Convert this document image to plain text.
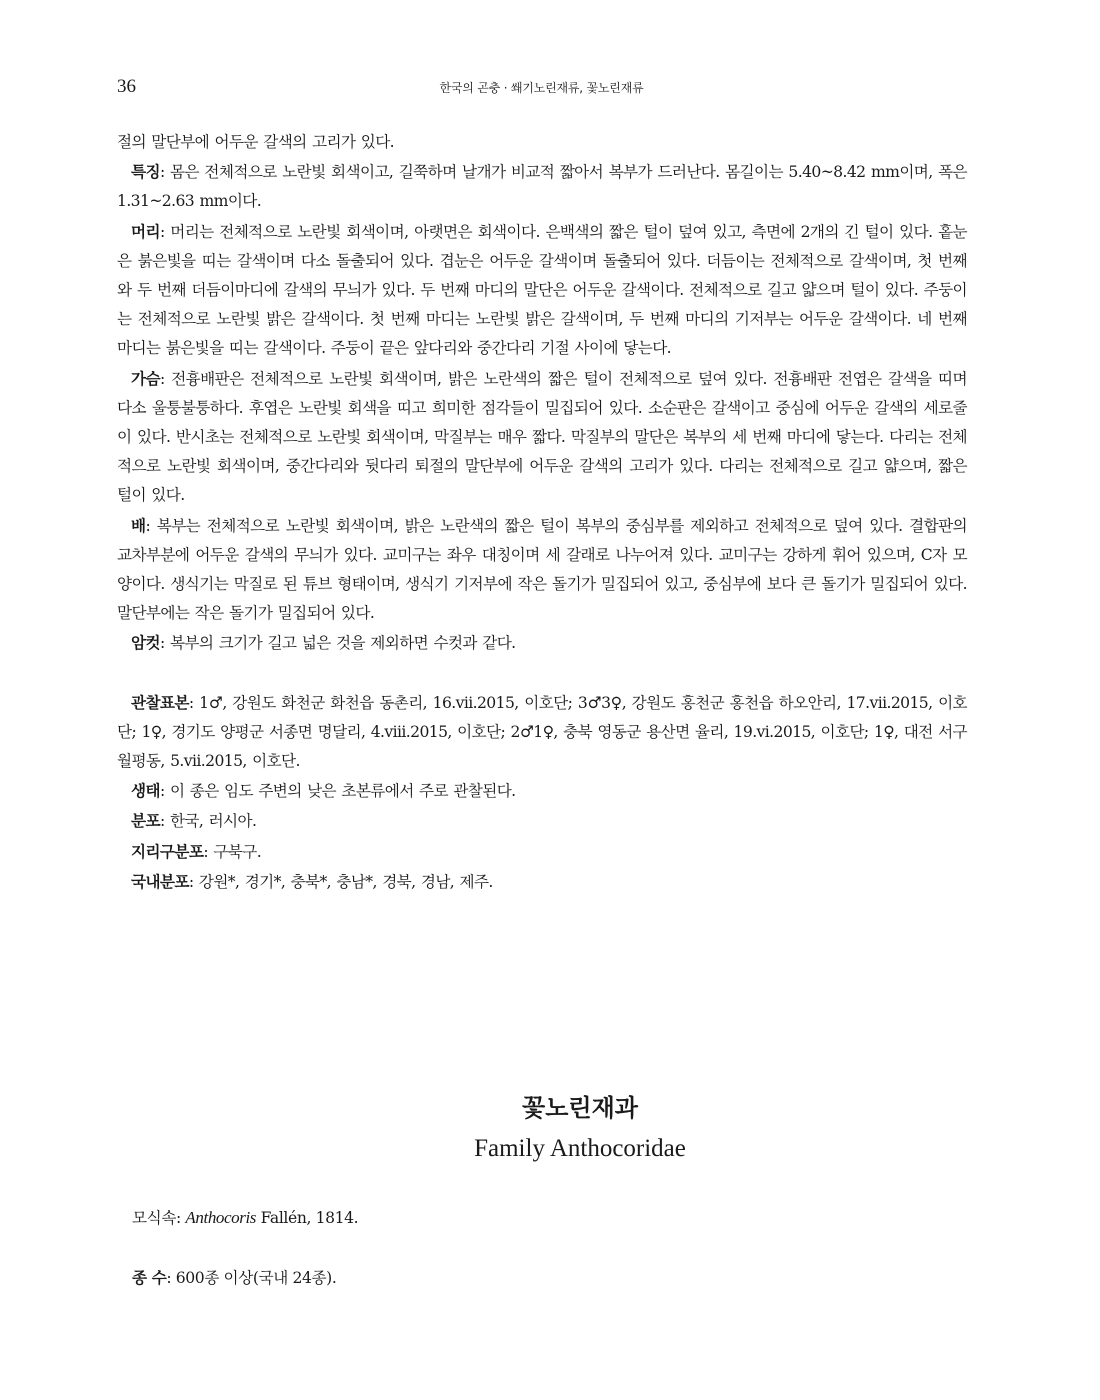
36	한국의 곤충 · 쐐기노린재류, 꽃노린재류

절의 말단부에 어두운 갈색의 고리가 있다.

특징: 몸은 전체적으로 노란빛 회색이고, 길쭉하며 날개가 비교적 짧아서 복부가 드러난다. 몸길이는 5.40~8.42 mm이며, 폭은 1.31~2.63 mm이다.

머리: 머리는 전체적으로 노란빛 회색이며, 아랫면은 회색이다. 은백색의 짧은 털이 덮여 있고, 측면에 2개의 긴 털이 있다. 홑눈은 붉은빛을 띠는 갈색이며 다소 돌출되어 있다. 겹눈은 어두운 갈색이며 돌출되어 있다. 더듬이는 전체적으로 갈색이며, 첫 번째와 두 번째 더듬이마디에 갈색의 무늬가 있다. 두 번째 마디의 말단은 어두운 갈색이다. 전체적으로 길고 얇으며 털이 있다. 주둥이는 전체적으로 노란빛 밝은 갈색이다. 첫 번째 마디는 노란빛 밝은 갈색이며, 두 번째 마디의 기저부는 어두운 갈색이다. 네 번째 마디는 붉은빛을 띠는 갈색이다. 주둥이 끝은 앞다리와 중간다리 기절 사이에 닿는다.

가슴: 전흉배판은 전체적으로 노란빛 회색이며, 밝은 노란색의 짧은 털이 전체적으로 덮여 있다. 전흉배판 전엽은 갈색을 띠며 다소 울퉁불퉁하다. 후엽은 노란빛 회색을 띠고 희미한 점각들이 밀집되어 있다. 소순판은 갈색이고 중심에 어두운 갈색의 세로줄이 있다. 반시초는 전체적으로 노란빛 회색이며, 막질부는 매우 짧다. 막질부의 말단은 복부의 세 번째 마디에 닿는다. 다리는 전체적으로 노란빛 회색이며, 중간다리와 뒷다리 퇴절의 말단부에 어두운 갈색의 고리가 있다. 다리는 전체적으로 길고 얇으며, 짧은 털이 있다.

배: 복부는 전체적으로 노란빛 회색이며, 밝은 노란색의 짧은 털이 복부의 중심부를 제외하고 전체적으로 덮여 있다. 결합판의 교차부분에 어두운 갈색의 무늬가 있다. 교미구는 좌우 대칭이며 세 갈래로 나누어져 있다. 교미구는 강하게 휘어 있으며, C자 모양이다. 생식기는 막질로 된 튜브 형태이며, 생식기 기저부에 작은 돌기가 밀집되어 있고, 중심부에 보다 큰 돌기가 밀집되어 있다. 말단부에는 작은 돌기가 밀집되어 있다.

암컷: 복부의 크기가 길고 넓은 것을 제외하면 수컷과 같다.

관찰표본: 1♂, 강원도 화천군 화천읍 동촌리, 16.vii.2015, 이호단; 3♂3♀, 강원도 홍천군 홍천읍 하오안리, 17.vii.2015, 이호단; 1♀, 경기도 양평군 서종면 명달리, 4.viii.2015, 이호단; 2♂1♀, 충북 영동군 용산면 율리, 19.vi.2015, 이호단; 1♀, 대전 서구 월평동, 5.vii.2015, 이호단.

생태: 이 종은 임도 주변의 낮은 초본류에서 주로 관찰된다.

분포: 한국, 러시아.

지리구분포: 구북구.

국내분포: 강원*, 경기*, 충북*, 충남*, 경북, 경남, 제주.

꽃노린재과
Family Anthocoridae
모식속: Anthocoris Fallén, 1814.
종 수: 600종 이상(국내 24종).
